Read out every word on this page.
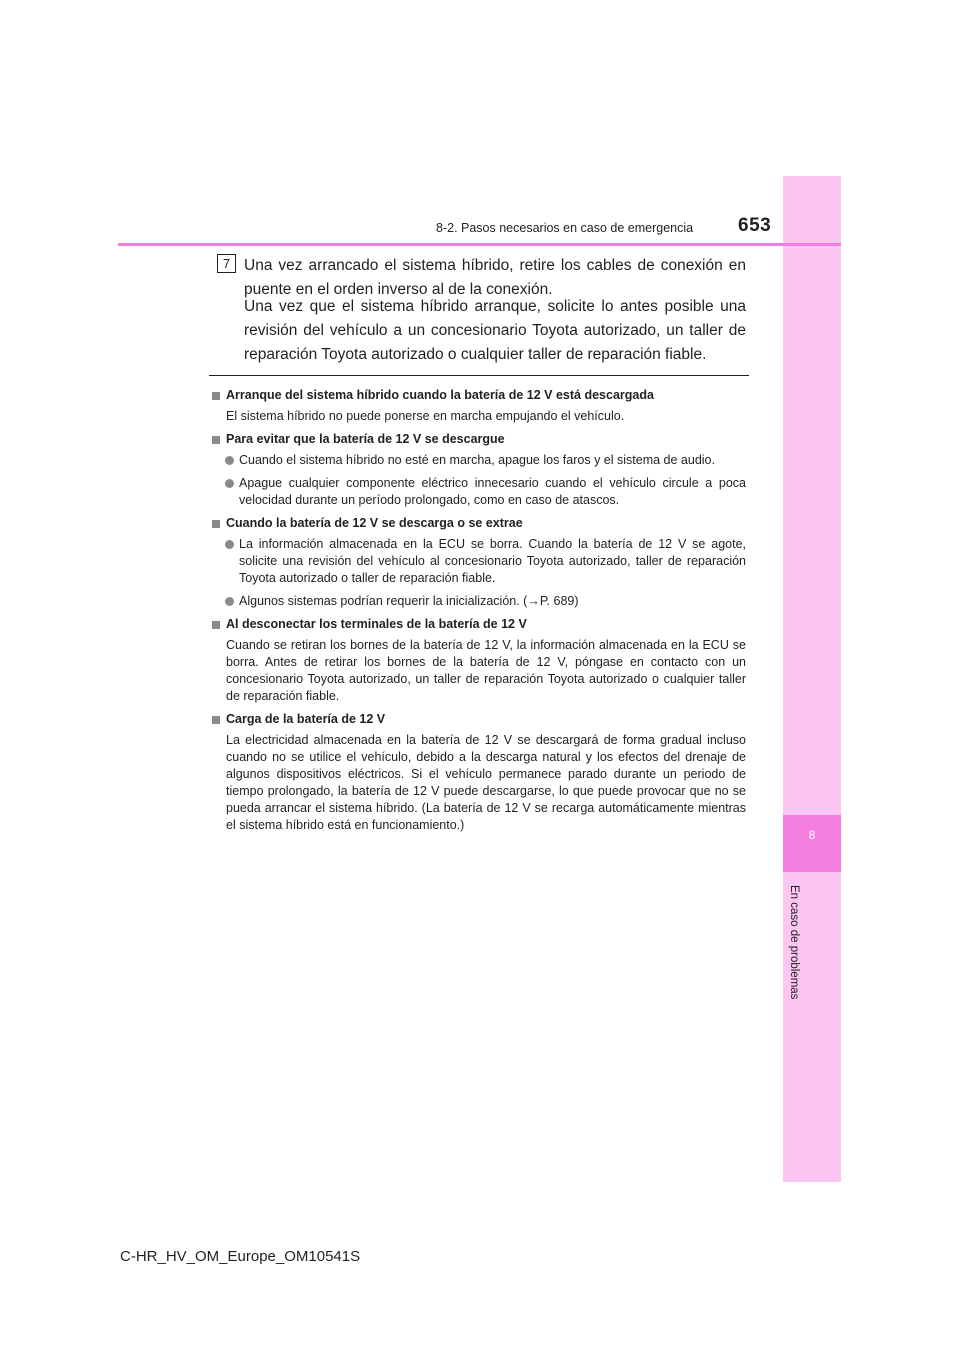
8
En caso de problemas
8-2. Pasos necesarios en caso de emergencia 653
7 Una vez arrancado el sistema híbrido, retire los cables de conexión en puente en el orden inverso al de la conexión.
Una vez que el sistema híbrido arranque, solicite lo antes posible una revisión del vehículo a un concesionario Toyota autorizado, un taller de reparación Toyota autorizado o cualquier taller de reparación fiable.
Arranque del sistema híbrido cuando la batería de 12 V está descargada
El sistema híbrido no puede ponerse en marcha empujando el vehículo.
Para evitar que la batería de 12 V se descargue
Cuando el sistema híbrido no esté en marcha, apague los faros y el sistema de audio.
Apague cualquier componente eléctrico innecesario cuando el vehículo circule a poca velocidad durante un período prolongado, como en caso de atascos.
Cuando la batería de 12 V se descarga o se extrae
La información almacenada en la ECU se borra. Cuando la batería de 12 V se agote, solicite una revisión del vehículo al concesionario Toyota autorizado, taller de reparación Toyota autorizado o taller de reparación fiable.
Algunos sistemas podrían requerir la inicialización. (→P. 689)
Al desconectar los terminales de la batería de 12 V
Cuando se retiran los bornes de la batería de 12 V, la información almacenada en la ECU se borra. Antes de retirar los bornes de la batería de 12 V, póngase en contacto con un concesionario Toyota autorizado, un taller de reparación Toyota autorizado o cualquier taller de reparación fiable.
Carga de la batería de 12 V
La electricidad almacenada en la batería de 12 V se descargará de forma gradual incluso cuando no se utilice el vehículo, debido a la descarga natural y los efectos del drenaje de algunos dispositivos eléctricos. Si el vehículo permanece parado durante un periodo de tiempo prolongado, la batería de 12 V puede descargarse, lo que puede provocar que no se pueda arrancar el sistema híbrido. (La batería de 12 V se recarga automáticamente mientras el sistema híbrido está en funcionamiento.)
C-HR_HV_OM_Europe_OM10541S
